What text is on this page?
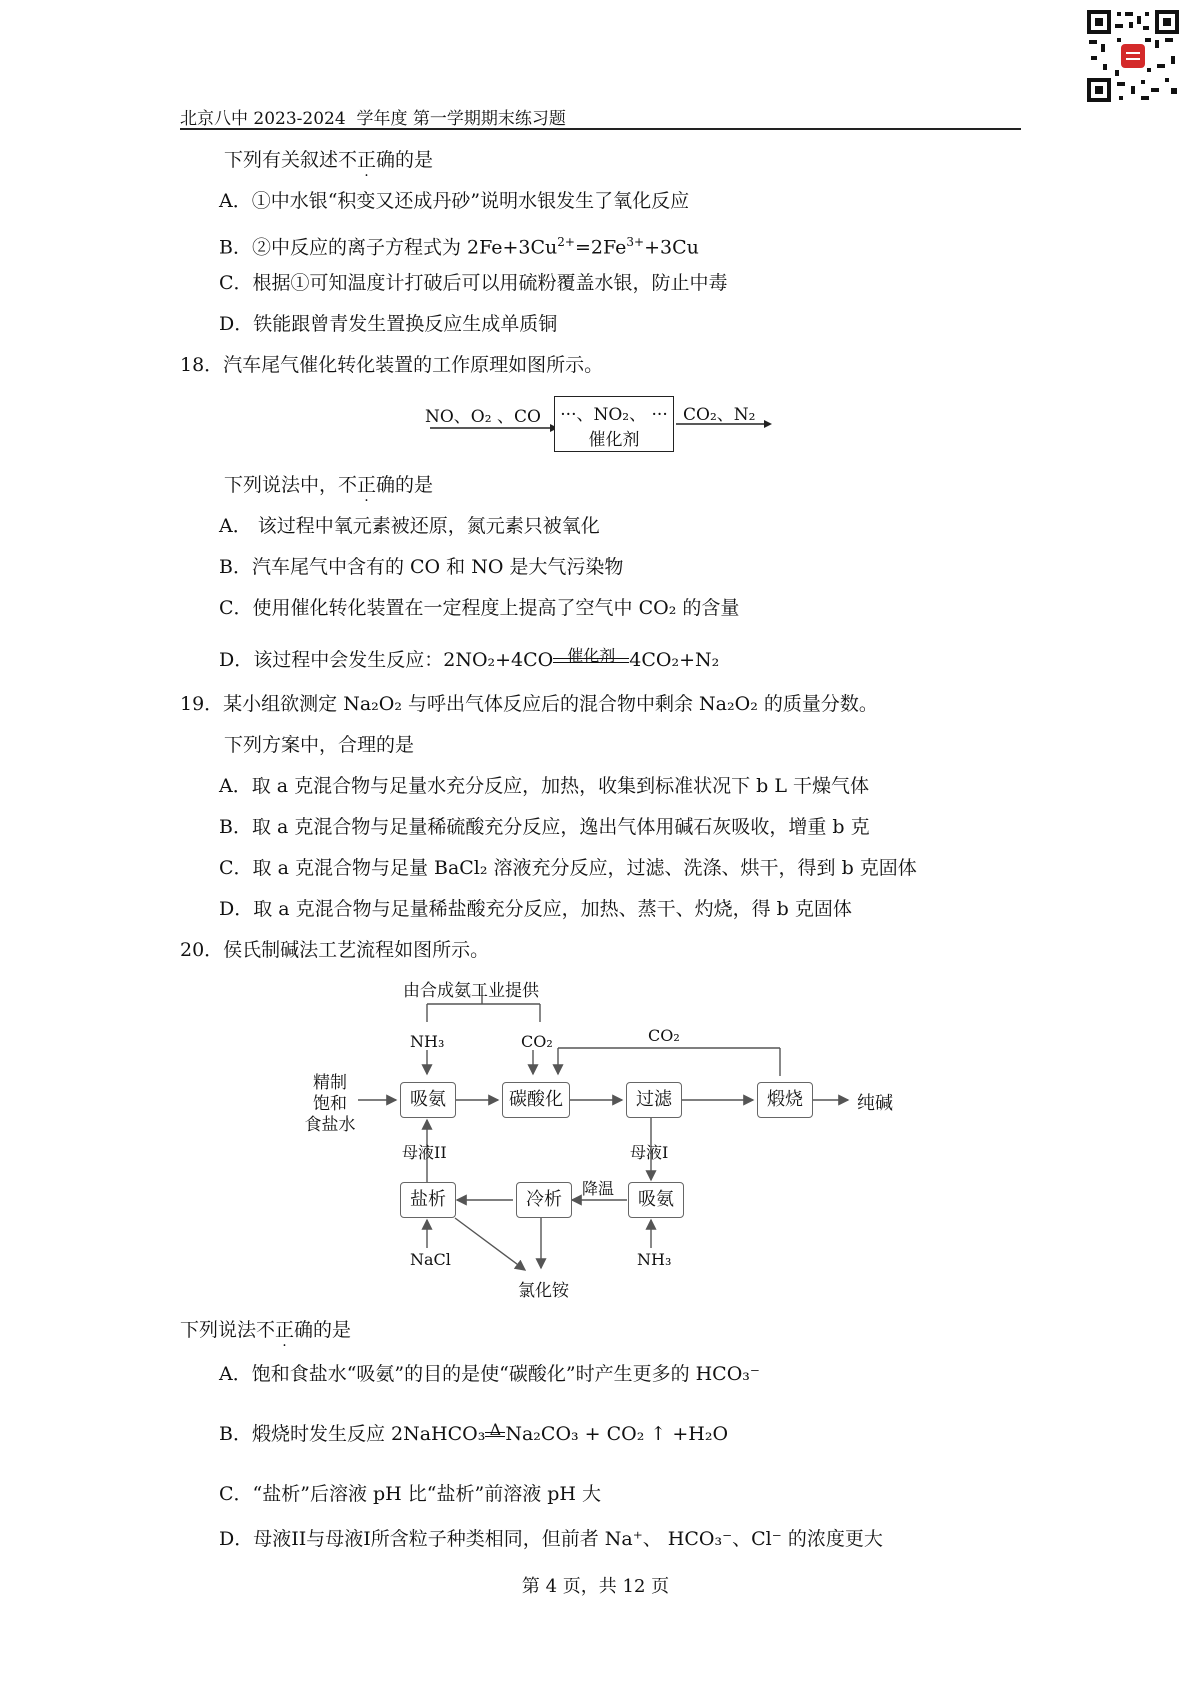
北京八中 2023-2024 学年度 第一学期期末练习题
下列有关叙述不正确的是
A．①中水银“积变又还成丹砂”说明水银发生了氧化反应
B．②中反应的离子方程式为 $2Fe+3Cu^{2+}=2Fe^{3+}+3Cu$
C．根据①可知温度计打破后可以用硫粉覆盖水银，防止中毒
D．铁能跟曾青发生置换反应生成单质铜
18．汽车尾气催化转化装置的工作原理如图所示。
NO、O₂ 、CO	···、NO₂、 ···
催化剂
CO₂、N₂
下列说法中，不正确的是
A． 该过程中氧元素被还原，氮元素只被氧化
B．汽车尾气中含有的 CO 和 NO 是大气污染物
C．使用催化转化装置在一定程度上提高了空气中 CO₂ 的含量
D．该过程中会发生反应：2NO₂+4CO 催化剂 4CO₂+N₂
19．某小组欲测定 Na₂O₂ 与呼出气体反应后的混合物中剩余 Na₂O₂ 的质量分数。
下列方案中，合理的是
A．取 a 克混合物与足量水充分反应，加热，收集到标准状况下 b L 干燥气体
B．取 a 克混合物与足量稀硫酸充分反应，逸出气体用碱石灰吸收，增重 b 克
C．取 a 克混合物与足量 BaCl₂ 溶液充分反应，过滤、洗涤、烘干，得到 b 克固体
D．取 a 克混合物与足量稀盐酸充分反应，加热、蒸干、灼烧，得 b 克固体
20．侯氏制碱法工艺流程如图所示。
由合成氨工业提供
NH₃	CO₂	CO₂
精制
饱和
食盐水
吸氨	碳酸化	过滤	煅烧	纯碱
母液II	母液I
盐析	冷析	吸氨
降温
NaCl	NH₃
氯化铵
下列说法不正确的是
A．饱和食盐水“吸氨”的目的是使“碳酸化”时产生更多的 HCO₃⁻
B．煅烧时发生反应 2NaHCO₃ Δ Na₂CO₃ + CO₂ ↑ +H₂O
C．“盐析”后溶液 pH 比“盐析”前溶液 pH 大
D．母液II与母液I所含粒子种类相同，但前者 Na⁺、 HCO₃⁻、Cl⁻ 的浓度更大
第 4 页，共 12 页
